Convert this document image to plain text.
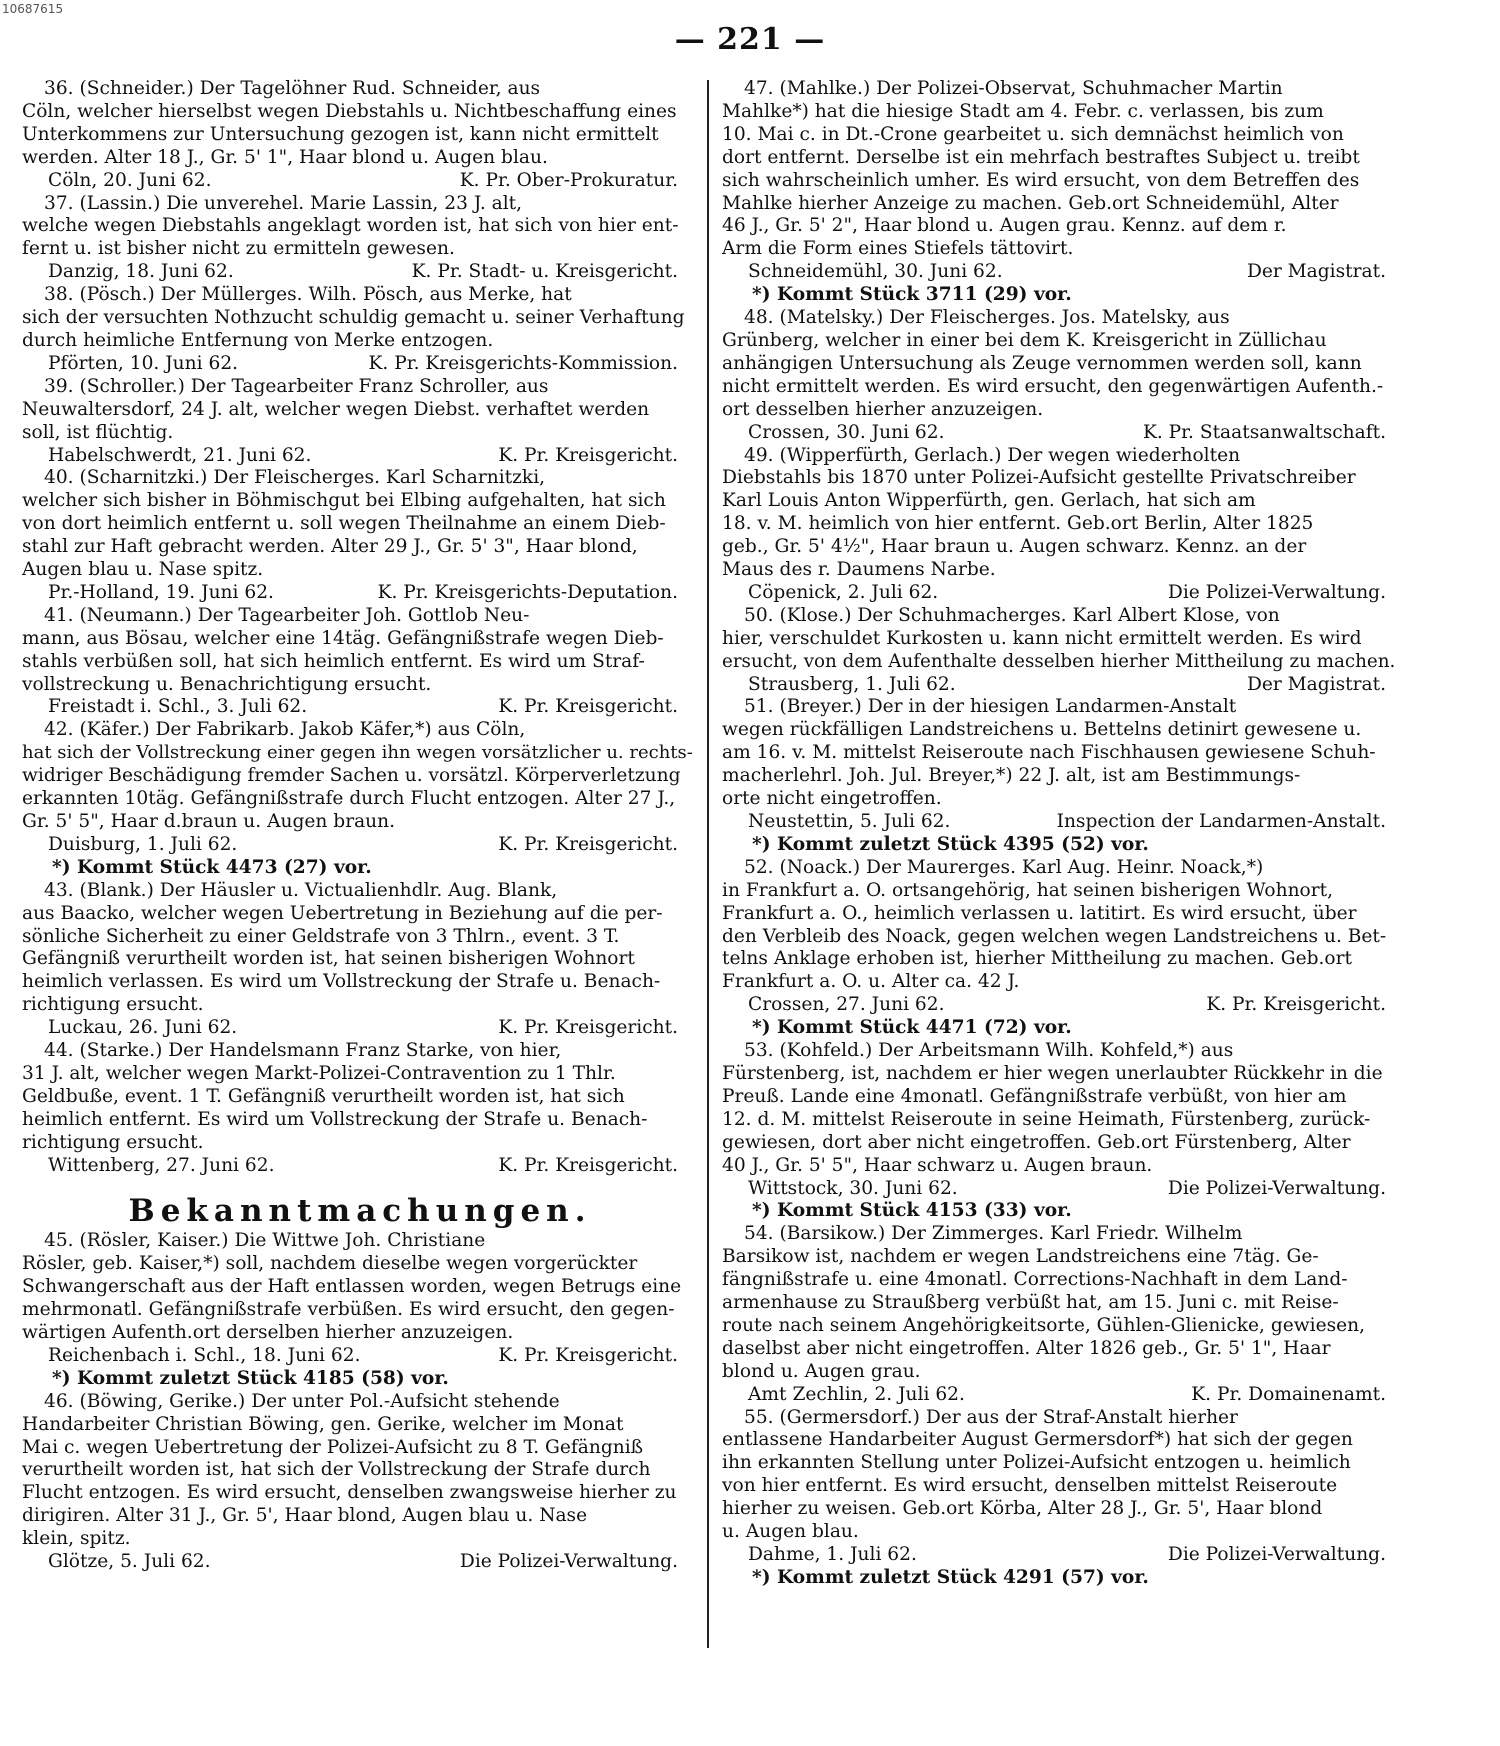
10687615
— 221 —
36. (Schneider.) Der Tagelöhner Rud. Schneider, aus
Cöln, welcher hierselbst wegen Diebstahls u. Nichtbeschaffung eines
Unterkommens zur Untersuchung gezogen ist, kann nicht ermittelt
werden. Alter 18 J., Gr. 5' 1", Haar blond u. Augen blau.
Cöln, 20. Juni 62.	K. Pr. Ober-Prokuratur.
37. (Lassin.) Die unverehel. Marie Lassin, 23 J. alt,
welche wegen Diebstahls angeklagt worden ist, hat sich von hier ent-
fernt u. ist bisher nicht zu ermitteln gewesen.
Danzig, 18. Juni 62.	K. Pr. Stadt- u. Kreisgericht.
38. (Pösch.) Der Müllerges. Wilh. Pösch, aus Merke, hat
sich der versuchten Nothzucht schuldig gemacht u. seiner Verhaftung
durch heimliche Entfernung von Merke entzogen.
Pförten, 10. Juni 62.	K. Pr. Kreisgerichts-Kommission.
39. (Schroller.) Der Tagearbeiter Franz Schroller, aus
Neuwaltersdorf, 24 J. alt, welcher wegen Diebst. verhaftet werden
soll, ist flüchtig.
Habelschwerdt, 21. Juni 62.	K. Pr. Kreisgericht.
40. (Scharnitzki.) Der Fleischerges. Karl Scharnitzki,
welcher sich bisher in Böhmischgut bei Elbing aufgehalten, hat sich
von dort heimlich entfernt u. soll wegen Theilnahme an einem Dieb-
stahl zur Haft gebracht werden. Alter 29 J., Gr. 5' 3", Haar blond,
Augen blau u. Nase spitz.
Pr.-Holland, 19. Juni 62.	K. Pr. Kreisgerichts-Deputation.
41. (Neumann.) Der Tagearbeiter Joh. Gottlob Neu-
mann, aus Bösau, welcher eine 14täg. Gefängnißstrafe wegen Dieb-
stahls verbüßen soll, hat sich heimlich entfernt. Es wird um Straf-
vollstreckung u. Benachrichtigung ersucht.
Freistadt i. Schl., 3. Juli 62.	K. Pr. Kreisgericht.
42. (Käfer.) Der Fabrikarb. Jakob Käfer,*) aus Cöln,
hat sich der Vollstreckung einer gegen ihn wegen vorsätzlicher u. rechts-
widriger Beschädigung fremder Sachen u. vorsätzl. Körperverletzung
erkannten 10täg. Gefängnißstrafe durch Flucht entzogen. Alter 27 J.,
Gr. 5' 5", Haar d.braun u. Augen braun.
Duisburg, 1. Juli 62.	K. Pr. Kreisgericht.
*) Kommt Stück 4473 (27) vor.
43. (Blank.) Der Häusler u. Victualienhdlr. Aug. Blank,
aus Baacko, welcher wegen Uebertretung in Beziehung auf die per-
sönliche Sicherheit zu einer Geldstrafe von 3 Thlrn., event. 3 T.
Gefängniß verurtheilt worden ist, hat seinen bisherigen Wohnort
heimlich verlassen. Es wird um Vollstreckung der Strafe u. Benach-
richtigung ersucht.
Luckau, 26. Juni 62.	K. Pr. Kreisgericht.
44. (Starke.) Der Handelsmann Franz Starke, von hier,
31 J. alt, welcher wegen Markt-Polizei-Contravention zu 1 Thlr.
Geldbuße, event. 1 T. Gefängniß verurtheilt worden ist, hat sich
heimlich entfernt. Es wird um Vollstreckung der Strafe u. Benach-
richtigung ersucht.
Wittenberg, 27. Juni 62.	K. Pr. Kreisgericht.
Bekanntmachungen.
45. (Rösler, Kaiser.) Die Wittwe Joh. Christiane
Rösler, geb. Kaiser,*) soll, nachdem dieselbe wegen vorgerückter
Schwangerschaft aus der Haft entlassen worden, wegen Betrugs eine
mehrmonatl. Gefängnißstrafe verbüßen. Es wird ersucht, den gegen-
wärtigen Aufenth.ort derselben hierher anzuzeigen.
Reichenbach i. Schl., 18. Juni 62.	K. Pr. Kreisgericht.
*) Kommt zuletzt Stück 4185 (58) vor.
46. (Böwing, Gerike.) Der unter Pol.-Aufsicht stehende
Handarbeiter Christian Böwing, gen. Gerike, welcher im Monat
Mai c. wegen Uebertretung der Polizei-Aufsicht zu 8 T. Gefängniß
verurtheilt worden ist, hat sich der Vollstreckung der Strafe durch
Flucht entzogen. Es wird ersucht, denselben zwangsweise hierher zu
dirigiren. Alter 31 J., Gr. 5', Haar blond, Augen blau u. Nase
klein, spitz.
Glötze, 5. Juli 62.	Die Polizei-Verwaltung.
47. (Mahlke.) Der Polizei-Observat, Schuhmacher Martin
Mahlke*) hat die hiesige Stadt am 4. Febr. c. verlassen, bis zum
10. Mai c. in Dt.-Crone gearbeitet u. sich demnächst heimlich von
dort entfernt. Derselbe ist ein mehrfach bestraftes Subject u. treibt
sich wahrscheinlich umher. Es wird ersucht, von dem Betreffen des
Mahlke hierher Anzeige zu machen. Geb.ort Schneidemühl, Alter
46 J., Gr. 5' 2", Haar blond u. Augen grau. Kennz. auf dem r.
Arm die Form eines Stiefels tättovirt.
Schneidemühl, 30. Juni 62.	Der Magistrat.
*) Kommt Stück 3711 (29) vor.
48. (Matelsky.) Der Fleischerges. Jos. Matelsky, aus
Grünberg, welcher in einer bei dem K. Kreisgericht in Züllichau
anhängigen Untersuchung als Zeuge vernommen werden soll, kann
nicht ermittelt werden. Es wird ersucht, den gegenwärtigen Aufenth.-
ort desselben hierher anzuzeigen.
Crossen, 30. Juni 62.	K. Pr. Staatsanwaltschaft.
49. (Wipperfürth, Gerlach.) Der wegen wiederholten
Diebstahls bis 1870 unter Polizei-Aufsicht gestellte Privatschreiber
Karl Louis Anton Wipperfürth, gen. Gerlach, hat sich am
18. v. M. heimlich von hier entfernt. Geb.ort Berlin, Alter 1825
geb., Gr. 5' 4½", Haar braun u. Augen schwarz. Kennz. an der
Maus des r. Daumens Narbe.
Cöpenick, 2. Juli 62.	Die Polizei-Verwaltung.
50. (Klose.) Der Schuhmacherges. Karl Albert Klose, von
hier, verschuldet Kurkosten u. kann nicht ermittelt werden. Es wird
ersucht, von dem Aufenthalte desselben hierher Mittheilung zu machen.
Strausberg, 1. Juli 62.	Der Magistrat.
51. (Breyer.) Der in der hiesigen Landarmen-Anstalt
wegen rückfälligen Landstreichens u. Bettelns detinirt gewesene u.
am 16. v. M. mittelst Reiseroute nach Fischhausen gewiesene Schuh-
macherlehrl. Joh. Jul. Breyer,*) 22 J. alt, ist am Bestimmungs-
orte nicht eingetroffen.
Neustettin, 5. Juli 62.	Inspection der Landarmen-Anstalt.
*) Kommt zuletzt Stück 4395 (52) vor.
52. (Noack.) Der Maurerges. Karl Aug. Heinr. Noack,*)
in Frankfurt a. O. ortsangehörig, hat seinen bisherigen Wohnort,
Frankfurt a. O., heimlich verlassen u. latitirt. Es wird ersucht, über
den Verbleib des Noack, gegen welchen wegen Landstreichens u. Bet-
telns Anklage erhoben ist, hierher Mittheilung zu machen. Geb.ort
Frankfurt a. O. u. Alter ca. 42 J.
Crossen, 27. Juni 62.	K. Pr. Kreisgericht.
*) Kommt Stück 4471 (72) vor.
53. (Kohfeld.) Der Arbeitsmann Wilh. Kohfeld,*) aus
Fürstenberg, ist, nachdem er hier wegen unerlaubter Rückkehr in die
Preuß. Lande eine 4monatl. Gefängnißstrafe verbüßt, von hier am
12. d. M. mittelst Reiseroute in seine Heimath, Fürstenberg, zurück-
gewiesen, dort aber nicht eingetroffen. Geb.ort Fürstenberg, Alter
40 J., Gr. 5' 5", Haar schwarz u. Augen braun.
Wittstock, 30. Juni 62.	Die Polizei-Verwaltung.
*) Kommt Stück 4153 (33) vor.
54. (Barsikow.) Der Zimmerges. Karl Friedr. Wilhelm
Barsikow ist, nachdem er wegen Landstreichens eine 7täg. Ge-
fängnißstrafe u. eine 4monatl. Corrections-Nachhaft in dem Land-
armenhause zu Straußberg verbüßt hat, am 15. Juni c. mit Reise-
route nach seinem Angehörigkeitsorte, Gühlen-Glienicke, gewiesen,
daselbst aber nicht eingetroffen. Alter 1826 geb., Gr. 5' 1", Haar
blond u. Augen grau.
Amt Zechlin, 2. Juli 62.	K. Pr. Domainenamt.
55. (Germersdorf.) Der aus der Straf-Anstalt hierher
entlassene Handarbeiter August Germersdorf*) hat sich der gegen
ihn erkannten Stellung unter Polizei-Aufsicht entzogen u. heimlich
von hier entfernt. Es wird ersucht, denselben mittelst Reiseroute
hierher zu weisen. Geb.ort Körba, Alter 28 J., Gr. 5', Haar blond
u. Augen blau.
Dahme, 1. Juli 62.	Die Polizei-Verwaltung.
*) Kommt zuletzt Stück 4291 (57) vor.
